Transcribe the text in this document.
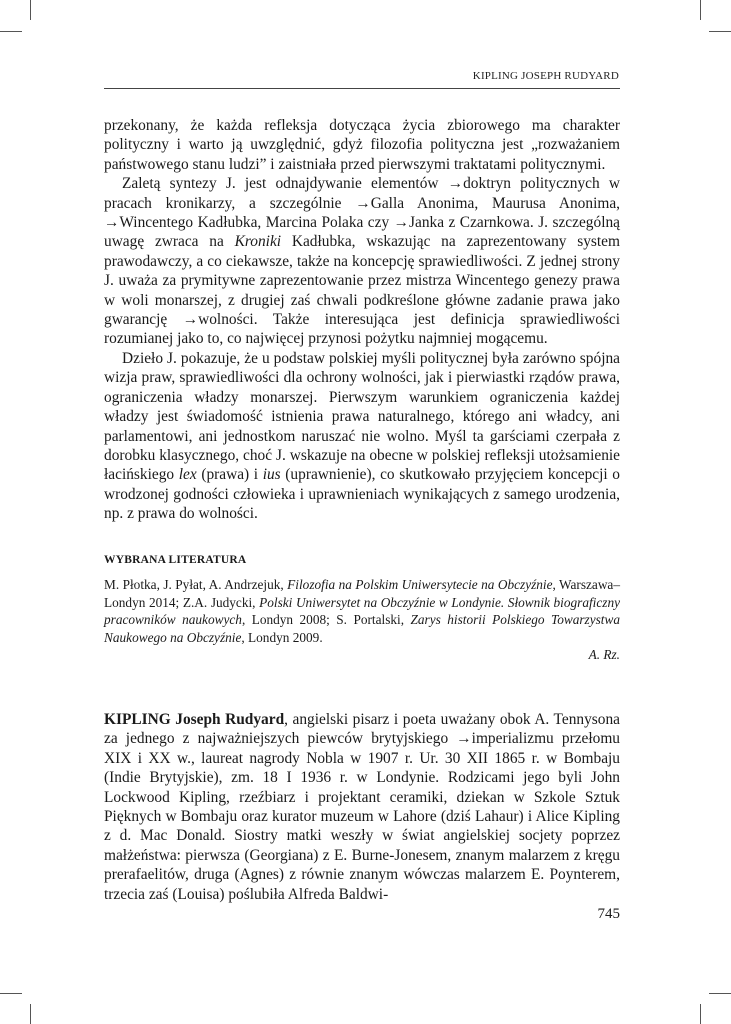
KIPLING JOSEPH RUDYARD

przekonany, że każda refleksja dotycząca życia zbiorowego ma charakter polityczny i warto ją uwzględnić, gdyż filozofia polityczna jest „rozważaniem państwowego stanu ludzi” i zaistniała przed pierwszymi traktatami politycznymi.

Zaletą syntezy J. jest odnajdywanie elementów →doktryn politycznych w pracach kronikarzy, a szczególnie →Galla Anonima, Maurusa Anonima, →Wincentego Kadłubka, Marcina Polaka czy →Janka z Czarnkowa. J. szczególną uwagę zwraca na Kroniki Kadłubka, wskazując na zaprezentowany system prawodawczy, a co ciekawsze, także na koncepcję sprawiedliwości. Z jednej strony J. uważa za prymitywne zaprezentowanie przez mistrza Wincentego genezy prawa w woli monarszej, z drugiej zaś chwali podkreślone główne zadanie prawa jako gwarancję →wolności. Także interesująca jest definicja sprawiedliwości rozumianej jako to, co najwięcej przynosi pożytku najmniej mogącemu.

Dzieło J. pokazuje, że u podstaw polskiej myśli politycznej była zarówno spójna wizja praw, sprawiedliwości dla ochrony wolności, jak i pierwiastki rządów prawa, ograniczenia władzy monarszej. Pierwszym warunkiem ograniczenia każdej władzy jest świadomość istnienia prawa naturalnego, którego ani władcy, ani parlamentowi, ani jednostkom naruszać nie wolno. Myśl ta garściami czerpała z dorobku klasycznego, choć J. wskazuje na obecne w polskiej refleksji utożsamienie łacińskiego lex (prawa) i ius (uprawnienie), co skutkowało przyjęciem koncepcji o wrodzonej godności człowieka i uprawnieniach wynikających z samego urodzenia, np. z prawa do wolności.

WYBRANA LITERATURA
M. Płotka, J. Pyłat, A. Andrzejuk, Filozofia na Polskim Uniwersytecie na Obczyźnie, Warszawa–Londyn 2014; Z.A. Judycki, Polski Uniwersytet na Obczyźnie w Londynie. Słownik biograficzny pracowników naukowych, Londyn 2008; S. Portalski, Zarys historii Polskiego Towarzystwa Naukowego na Obczyźnie, Londyn 2009.
A. Rz.

KIPLING Joseph Rudyard, angielski pisarz i poeta uważany obok A. Tennysona za jednego z najważniejszych piewców brytyjskiego →imperializmu przełomu XIX i XX w., laureat nagrody Nobla w 1907 r. Ur. 30 XII 1865 r. w Bombaju (Indie Brytyjskie), zm. 18 I 1936 r. w Londynie. Rodzicami jego byli John Lockwood Kipling, rzeźbiarz i projektant ceramiki, dziekan w Szkole Sztuk Pięknych w Bombaju oraz kurator muzeum w Lahore (dziś Lahaur) i Alice Kipling z d. Mac Donald. Siostry matki weszły w świat angielskiej socjety poprzez małżeństwa: pierwsza (Georgiana) z E. Burne-Jonesem, znanym malarzem z kręgu prerafaelitów, druga (Agnes) z równie znanym wówczas malarzem E. Poynterem, trzecia zaś (Louisa) poślubiła Alfreda Baldwi-

745
